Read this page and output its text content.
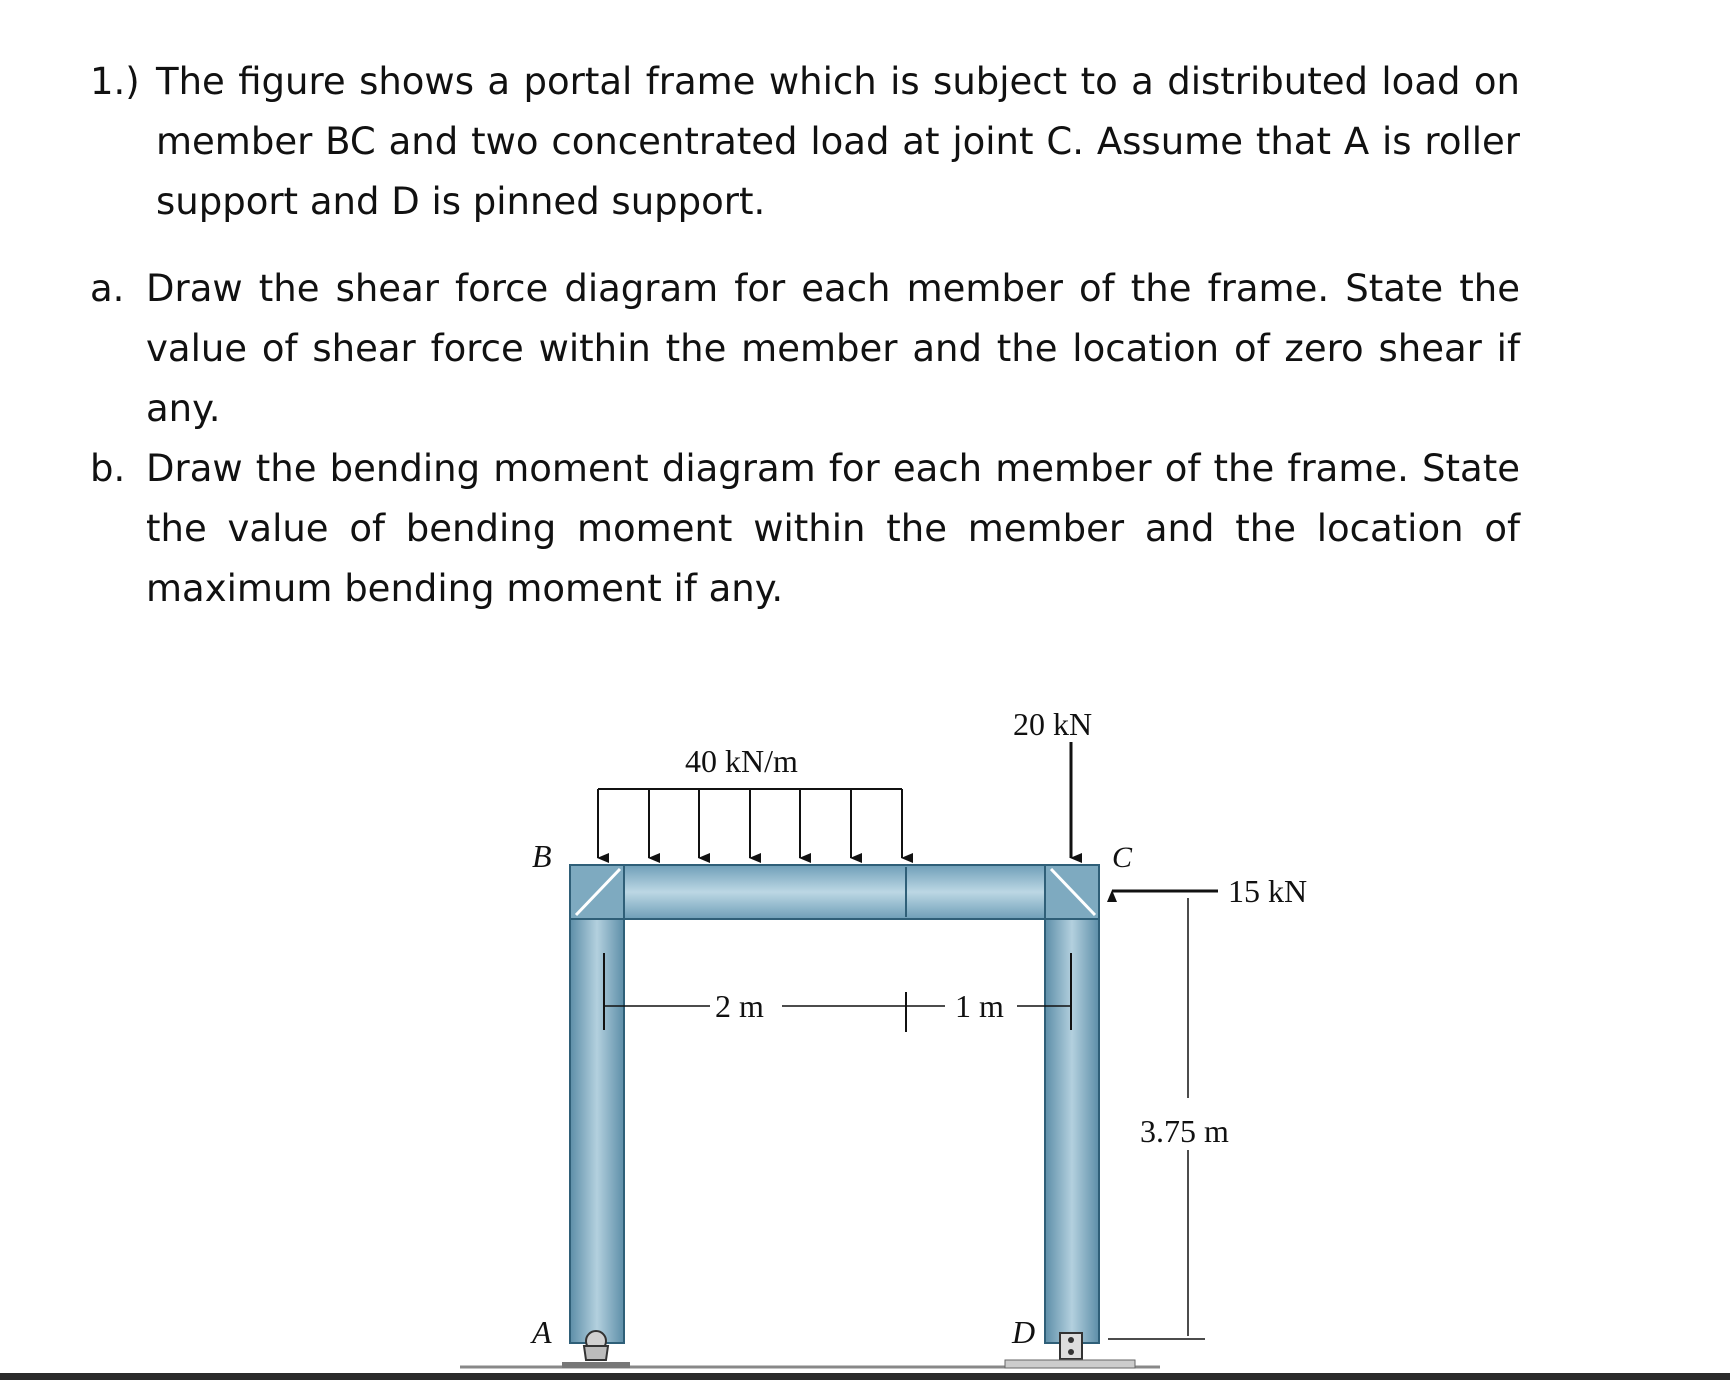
1.) The figure shows a portal frame which is subject to a distributed load on member BC and two concentrated load at joint C. Assume that A is roller support and D is pinned support.
a. Draw the shear force diagram for each member of the frame. State the value of shear force within the member and the location of zero shear if any.
b. Draw the bending moment diagram for each member of the frame. State the value of bending moment within the member and the location of maximum bending moment if any.
40 kN/m
20 kN
15 kN
B	C
A	D
2 m	1 m
3.75 m
